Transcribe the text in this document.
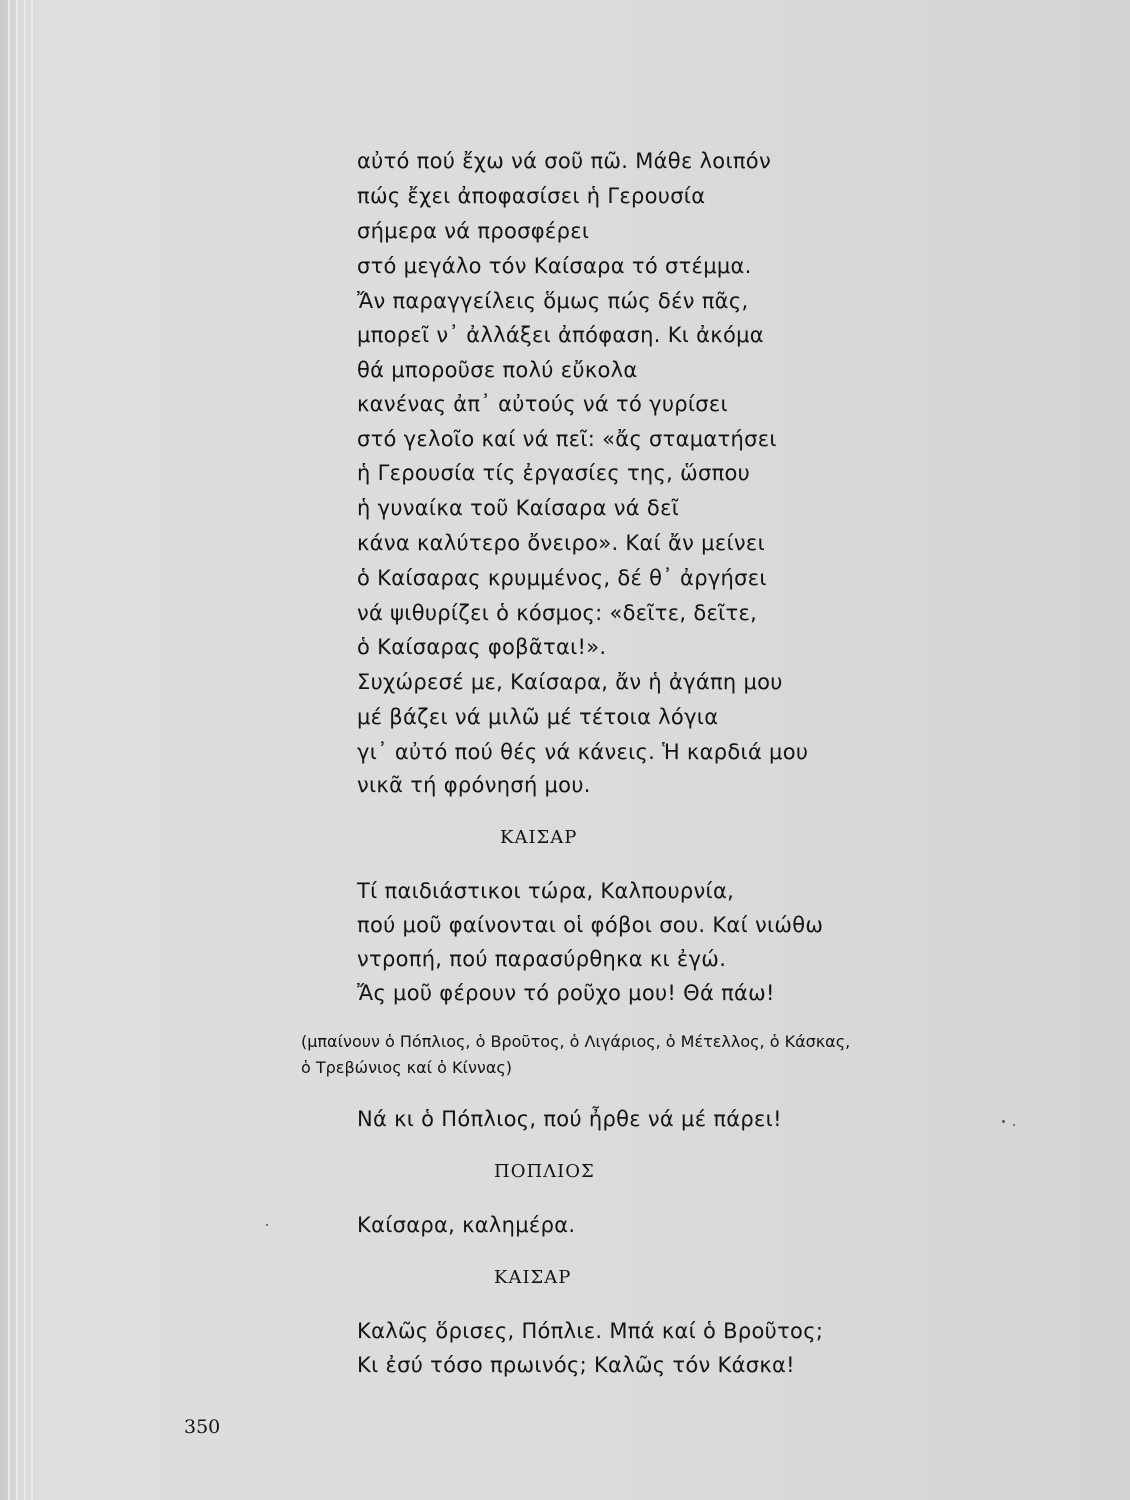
αὐτό πού ἔχω νά σοῦ πῶ. Μάθε λοιπόν
πώς ἔχει ἀποφασίσει ἡ Γερουσία
σήμερα νά προσφέρει
στό μεγάλο τόν Καίσαρα τό στέμμα.
Ἄν παραγγείλεις ὅμως πώς δέν πᾶς,
μπορεῖ ν᾿ ἀλλάξει ἀπόφαση. Κι ἀκόμα
θά μποροῦσε πολύ εὔκολα
κανένας ἀπ᾿ αὐτούς νά τό γυρίσει
στό γελοῖο καί νά πεῖ: «ἄς σταματήσει
ἡ Γερουσία τίς ἐργασίες της, ὥσπου
ἡ γυναίκα τοῦ Καίσαρα νά δεῖ
κάνα καλύτερο ὄνειρο». Καί ἄν μείνει
ὁ Καίσαρας κρυμμένος, δέ θ᾿ ἀργήσει
νά ψιθυρίζει ὁ κόσμος: «δεῖτε, δεῖτε,
ὁ Καίσαρας φοβᾶται!».
Συχώρεσέ με, Καίσαρα, ἄν ἡ ἀγάπη μου
μέ βάζει νά μιλῶ μέ τέτοια λόγια
γι᾿ αὐτό πού θές νά κάνεις. Ἡ καρδιά μου
νικᾶ τή φρόνησή μου.
ΚΑΙΣΑΡ
Τί παιδιάστικοι τώρα, Καλπουρνία,
πού μοῦ φαίνονται οἱ φόβοι σου. Καί νιώθω
ντροπή, πού παρασύρθηκα κι ἐγώ.
Ἄς μοῦ φέρουν τό ροῦχο μου! Θά πάω!
(μπαίνουν ὁ Πόπλιος, ὁ Βροῦτος, ὁ Λιγάριος, ὁ Μέτελλος, ὁ Κάσκας,
ὁ Τρεβώνιος καί ὁ Κίννας)
Νά κι ὁ Πόπλιος, πού ἦρθε νά μέ πάρει!
ΠΟΠΛΙΟΣ
Καίσαρα, καλημέρα.
ΚΑΙΣΑΡ
Καλῶς ὅρισες, Πόπλιε. Μπά καί ὁ Βροῦτος;
Κι ἐσύ τόσο πρωινός; Καλῶς τόν Κάσκα!
350
